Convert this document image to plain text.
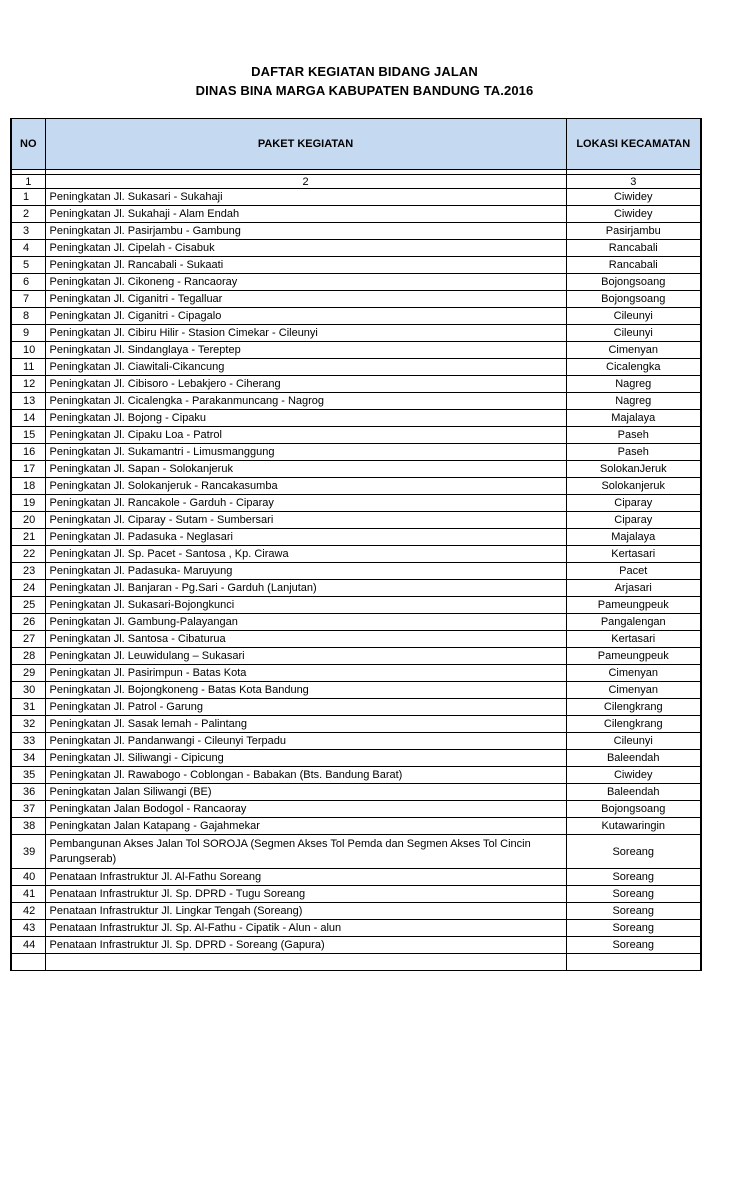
DAFTAR KEGIATAN BIDANG JALAN
DINAS BINA MARGA KABUPATEN BANDUNG TA.2016
NO	PAKET KEGIATAN	LOKASI KECAMATAN

1	2	3
1	Peningkatan Jl. Sukasari - Sukahaji	Ciwidey
2	Peningkatan Jl. Sukahaji - Alam Endah	Ciwidey
3	Peningkatan Jl. Pasirjambu - Gambung	Pasirjambu
4	Peningkatan Jl. Cipelah - Cisabuk	Rancabali
5	Peningkatan Jl. Rancabali - Sukaati	Rancabali
6	Peningkatan Jl. Cikoneng - Rancaoray	Bojongsoang
7	Peningkatan Jl. Ciganitri - Tegalluar	Bojongsoang
8	Peningkatan Jl. Ciganitri - Cipagalo	Cileunyi
9	Peningkatan Jl. Cibiru Hilir - Stasion Cimekar - Cileunyi	Cileunyi
10	Peningkatan Jl. Sindanglaya - Tereptep	Cimenyan
11	Peningkatan Jl. Ciawitali-Cikancung	Cicalengka
12	Peningkatan Jl. Cibisoro - Lebakjero - Ciherang	Nagreg
13	Peningkatan Jl. Cicalengka - Parakanmuncang - Nagrog	Nagreg
14	Peningkatan Jl. Bojong - Cipaku	Majalaya
15	Peningkatan Jl. Cipaku Loa - Patrol	Paseh
16	Peningkatan Jl. Sukamantri - Limusmanggung	Paseh
17	Peningkatan Jl. Sapan - Solokanjeruk	SolokanJeruk
18	Peningkatan Jl. Solokanjeruk - Rancakasumba	Solokanjeruk
19	Peningkatan Jl. Rancakole - Garduh - Ciparay	Ciparay
20	Peningkatan Jl. Ciparay - Sutam - Sumbersari	Ciparay
21	Peningkatan Jl. Padasuka - Neglasari	Majalaya
22	Peningkatan Jl. Sp. Pacet - Santosa , Kp. Cirawa	Kertasari
23	Peningkatan Jl. Padasuka- Maruyung	Pacet
24	Peningkatan Jl. Banjaran - Pg.Sari - Garduh (Lanjutan)	Arjasari
25	Peningkatan Jl. Sukasari-Bojongkunci	Pameungpeuk
26	Peningkatan Jl. Gambung-Palayangan	Pangalengan
27	Peningkatan Jl. Santosa - Cibaturua	Kertasari
28	Peningkatan Jl. Leuwidulang – Sukasari	Pameungpeuk
29	Peningkatan Jl. Pasirimpun - Batas Kota	Cimenyan
30	Peningkatan Jl. Bojongkoneng - Batas Kota Bandung	Cimenyan
31	Peningkatan Jl. Patrol - Garung	Cilengkrang
32	Peningkatan Jl. Sasak lemah - Palintang	Cilengkrang
33	Peningkatan Jl. Pandanwangi - Cileunyi Terpadu	Cileunyi
34	Peningkatan Jl. Siliwangi - Cipicung	Baleendah
35	Peningkatan Jl. Rawabogo - Coblongan - Babakan (Bts. Bandung Barat)	Ciwidey
36	Peningkatan Jalan Siliwangi (BE)	Baleendah
37	Peningkatan Jalan Bodogol - Rancaoray	Bojongsoang
38	Peningkatan Jalan Katapang - Gajahmekar	Kutawaringin
39	Pembangunan Akses Jalan Tol SOROJA (Segmen Akses Tol Pemda dan Segmen Akses Tol Cincin Parungserab)	Soreang
40	Penataan Infrastruktur Jl. Al-Fathu Soreang	Soreang
41	Penataan Infrastruktur Jl. Sp. DPRD - Tugu Soreang	Soreang
42	Penataan Infrastruktur Jl. Lingkar Tengah (Soreang)	Soreang
43	Penataan Infrastruktur Jl. Sp. Al-Fathu - Cipatik - Alun - alun	Soreang
44	Penataan Infrastruktur Jl. Sp. DPRD - Soreang (Gapura)	Soreang
